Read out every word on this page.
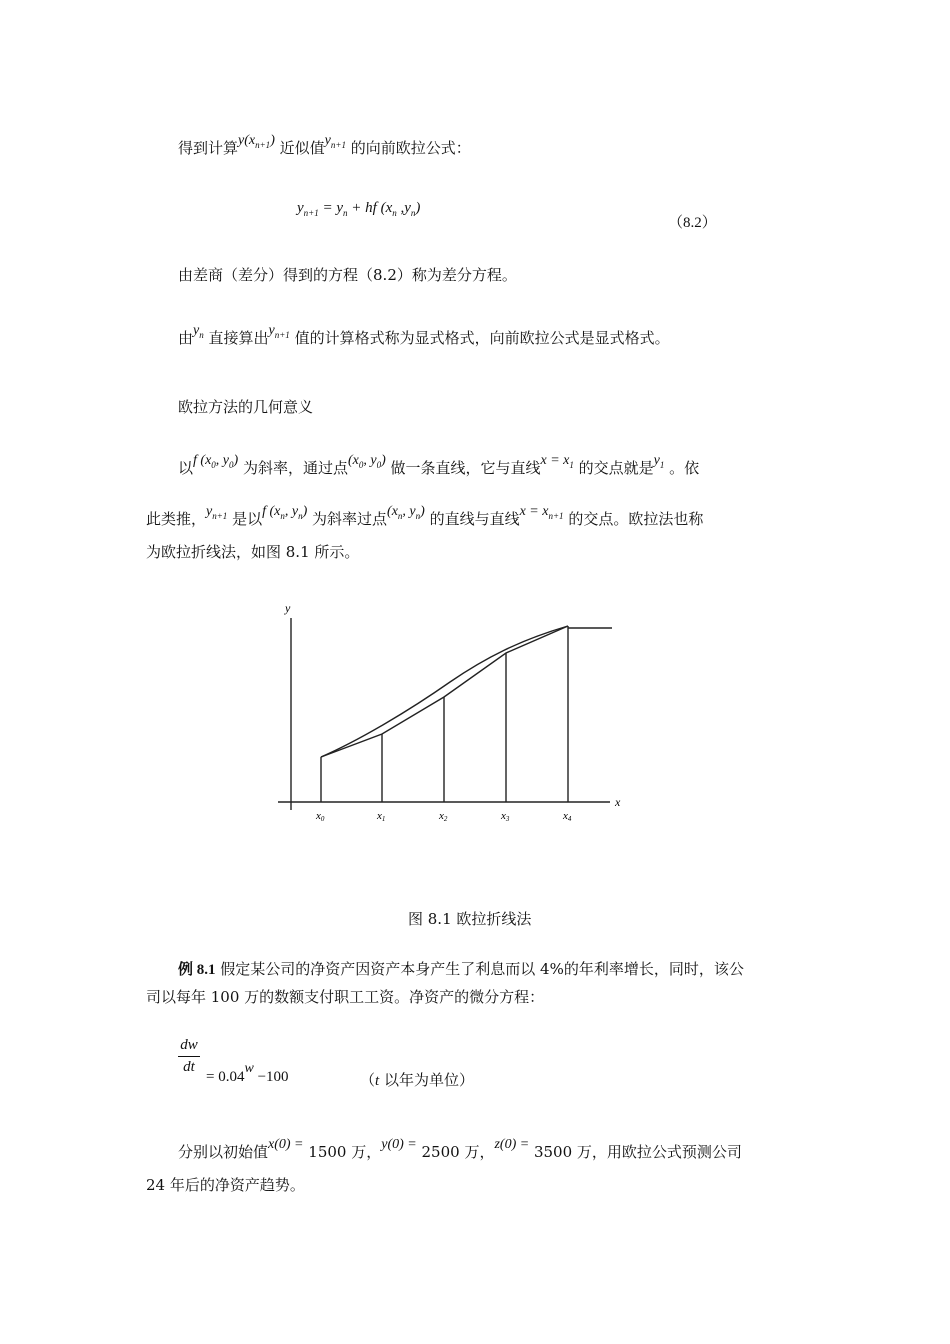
得到计算$y(x_{n+1})$ 近似值$y_{n+1}$ 的向前欧拉公式：
$y_{n+1} = y_n$ + hf ($x_n$ $,y_n$)
（8.2）
由差商（差分）得到的方程（8.2）称为差分方程。
由$y_n$ 直接算出$y_{n+1}$ 值的计算格式称为显式格式，向前欧拉公式是显式格式。
欧拉方法的几何意义
以f ($x_0$, $y_0$) 为斜率，通过点($x_0$, $y_0$) 做一条直线，它与直线$x = x_1$ 的交点就是$y_1$ 。依
此类推，$y_{n+1}$ 是以f ($x_n$, $y_n$) 为斜率过点($x_n$, $y_n$) 的直线与直线$x = x_{n+1}$ 的交点。欧拉法也称
为欧拉折线法，如图 8.1 所示。
y
x
x0	x1	x2	x3	x4
图 8.1 欧拉折线法
例 8.1 假定某公司的净资产因资产本身产生了利息而以 4%的年利率增长，同时，该公
司以每年 100 万的数额支付职工工资。净资产的微分方程：
dw
dt
= 0.04w −100	（t 以年为单位）
分别以初始值x(0) = 1500 万，y(0) = 2500 万，z(0) = 3500 万，用欧拉公式预测公司
24 年后的净资产趋势。
